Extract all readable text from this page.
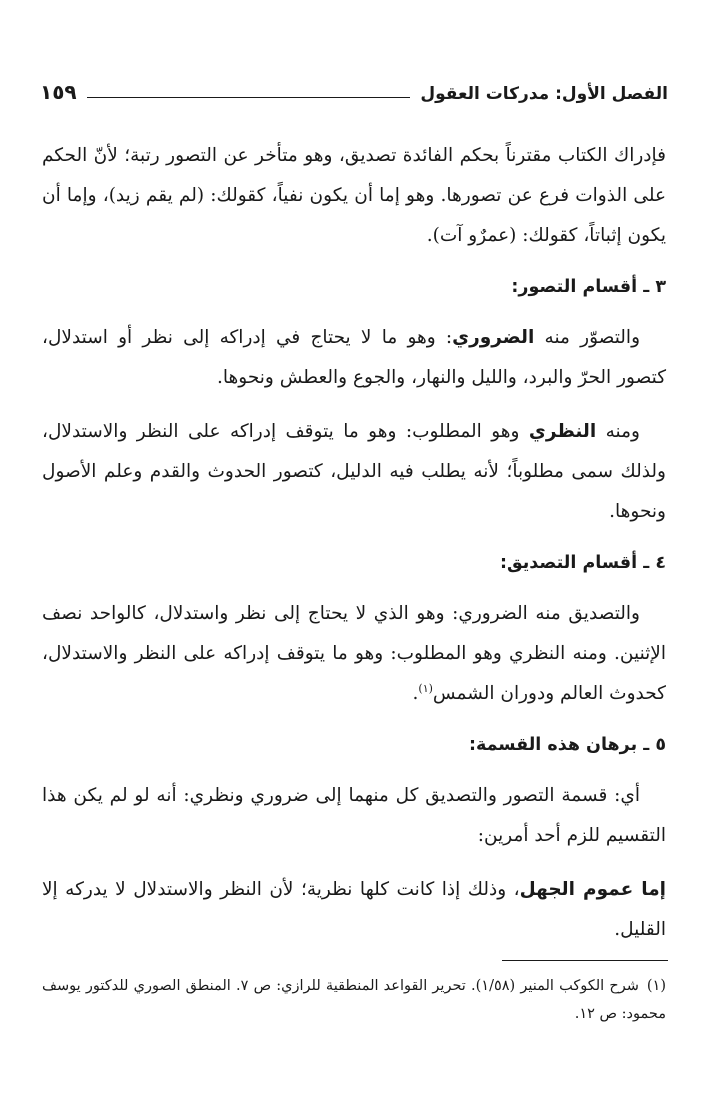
الفصل الأول: مدركات العقول
١٥٩

فإدراك الكتاب مقترناً بحكم الفائدة تصديق، وهو متأخر عن التصور رتبة؛ لأنّ الحكم على الذوات فرع عن تصورها. وهو إما أن يكون نفياً، كقولك: (لم يقم زيد)، وإما أن يكون إثباتاً، كقولك: (عمرٌو آت).

٣ ـ أقسام التصور:

والتصوّر منه الضروري: وهو ما لا يحتاج في إدراكه إلى نظر أو استدلال، كتصور الحرّ والبرد، والليل والنهار، والجوع والعطش ونحوها.

ومنه النظري وهو المطلوب: وهو ما يتوقف إدراكه على النظر والاستدلال، ولذلك سمى مطلوباً؛ لأنه يطلب فيه الدليل، كتصور الحدوث والقدم وعلم الأصول ونحوها.

٤ ـ أقسام التصديق:

والتصديق منه الضروري: وهو الذي لا يحتاج إلى نظر واستدلال، كالواحد نصف الإثنين. ومنه النظري وهو المطلوب: وهو ما يتوقف إدراكه على النظر والاستدلال، كحدوث العالم ودوران الشمس$^{(١)}$.

٥ ـ برهان هذه القسمة:

أي: قسمة التصور والتصديق كل منهما إلى ضروري ونظري: أنه لو لم يكن هذا التقسيم للزم أحد أمرين:

إما عموم الجهل، وذلك إذا كانت كلها نظرية؛ لأن النظر والاستدلال لا يدركه إلا القليل.

(١)شرح الكوكب المنير (١/٥٨). تحرير القواعد المنطقية للرازي: ص ٧. المنطق الصوري للدكتور يوسف محمود: ص ١٢.
